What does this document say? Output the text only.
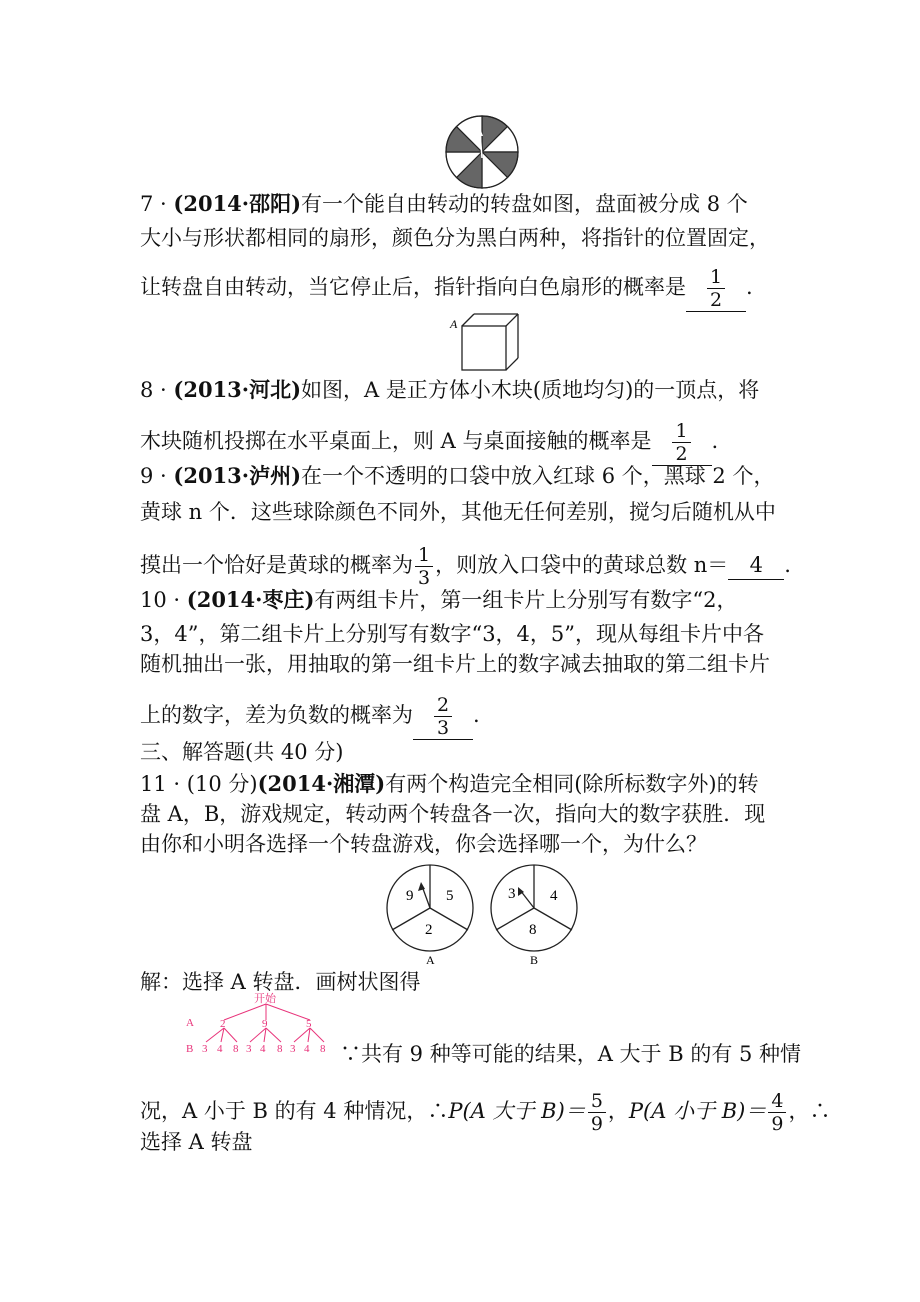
7 · (2014·邵阳)有一个能自由转动的转盘如图，盘面被分成 8 个
大小与形状都相同的扇形，颜色分为黑白两种，将指针的位置固定，
让转盘自由转动，当它停止后，指针指向白色扇形的概率是 $\frac{1}{2}$ .
A
8 · (2013·河北)如图，A 是正方体小木块(质地均匀)的一顶点，将
木块随机投掷在水平桌面上，则 A 与桌面接触的概率是 $\frac{1}{2}$ .
9 · (2013·泸州)在一个不透明的口袋中放入红球 6 个，黑球 2 个，
黄球 n 个．这些球除颜色不同外，其他无任何差别，搅匀后随机从中
摸出一个恰好是黄球的概率为 $\frac{1}{3}$ ，则放入口袋中的黄球总数 n＝ 4 .
10 · (2014·枣庄)有两组卡片，第一组卡片上分别写有数字“2，
3，4”，第二组卡片上分别写有数字“3，4，5”，现从每组卡片中各
随机抽出一张，用抽取的第一组卡片上的数字减去抽取的第二组卡片
上的数字，差为负数的概率为 $\frac{2}{3}$ .
三、解答题(共 40 分)
11 · (10 分)(2014·湘潭)有两个构造完全相同(除所标数字外)的转
盘 A，B，游戏规定，转动两个转盘各一次，指向大的数字获胜．现
由你和小明各选择一个转盘游戏，你会选择哪一个，为什么？
9 5
2
A
3 4
8
B
解：选择 A 转盘．画树状图得
开始
A
B
2	9	5
3 4 8 3 4 8 3 4 8 ∵共有 9 种等可能的结果，A 大于 B 的有 5 种情
况，A 小于 B 的有 4 种情况，∴P(A 大于 $B)= \frac{5}{9}$ ，P(A 小于 $B)= \frac{4}{9}$ ，∴
选择 A 转盘
